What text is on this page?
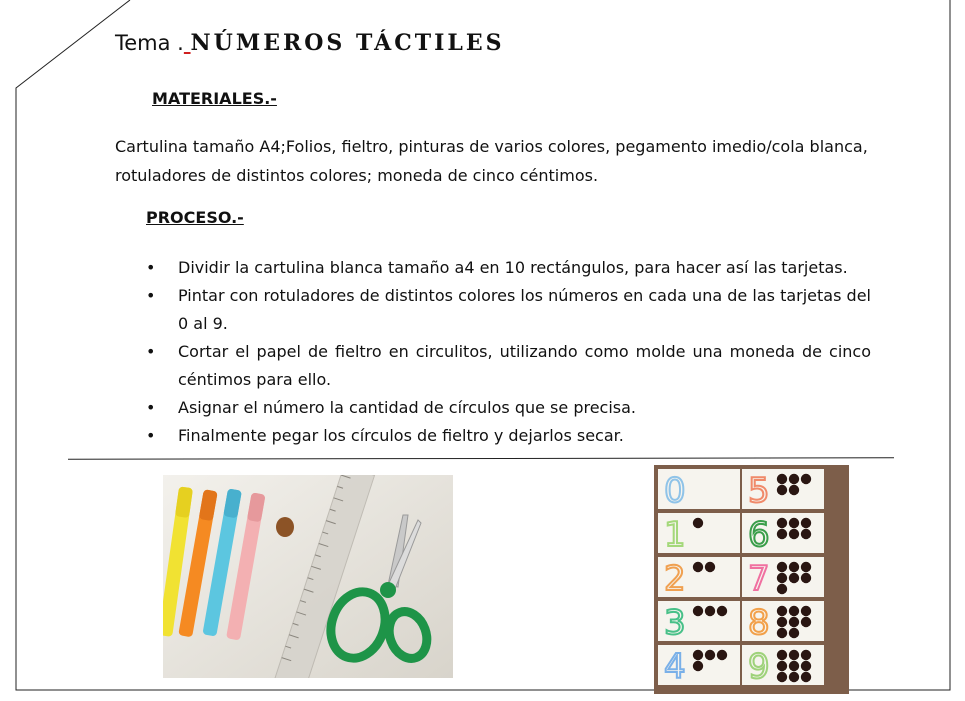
Tema . NÚMEROS TÁCTILES
MATERIALES.-
Cartulina tamaño A4;Folios, fieltro, pinturas de varios colores, pegamento imedio/cola blanca, rotuladores de distintos colores; moneda de cinco céntimos.
PROCESO.-
• Dividir la cartulina blanca tamaño a4 en 10 rectángulos, para hacer así las tarjetas.
• Pintar con rotuladores de distintos colores los números en cada una de las tarjetas del 0 al 9.
• Cortar el papel de fieltro en circulitos, utilizando como molde una moneda de cinco céntimos para ello.
• Asignar el número la cantidad de círculos que se precisa.
• Finalmente pegar los círculos de fieltro y dejarlos secar.
0 5
1 6
2 7
3 8
4 9
